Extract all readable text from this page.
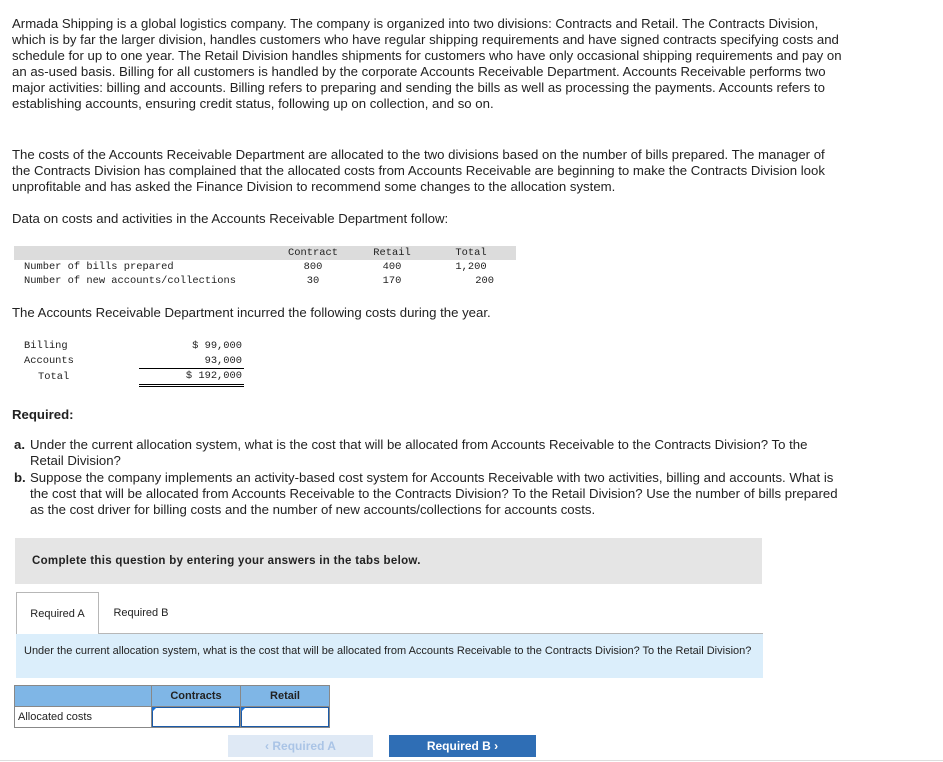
Armada Shipping is a global logistics company. The company is organized into two divisions: Contracts and Retail. The Contracts Division, which is by far the larger division, handles customers who have regular shipping requirements and have signed contracts specifying costs and schedule for up to one year. The Retail Division handles shipments for customers who have only occasional shipping requirements and pay on an as-used basis. Billing for all customers is handled by the corporate Accounts Receivable Department. Accounts Receivable performs two major activities: billing and accounts. Billing refers to preparing and sending the bills as well as processing the payments. Accounts refers to establishing accounts, ensuring credit status, following up on collection, and so on.

The costs of the Accounts Receivable Department are allocated to the two divisions based on the number of bills prepared. The manager of the Contracts Division has complained that the allocated costs from Accounts Receivable are beginning to make the Contracts Division look unprofitable and has asked the Finance Division to recommend some changes to the allocation system.

Data on costs and activities in the Accounts Receivable Department follow:

	Contract	Retail	Total
Number of bills prepared	800	400	1,200
Number of new accounts/collections	30	170	200

The Accounts Receivable Department incurred the following costs during the year.

Billing	$ 99,000
Accounts	93,000
Total	$ 192,000

Required:

a. Under the current allocation system, what is the cost that will be allocated from Accounts Receivable to the Contracts Division? To the Retail Division?
b. Suppose the company implements an activity-based cost system for Accounts Receivable with two activities, billing and accounts. What is the cost that will be allocated from Accounts Receivable to the Contracts Division? To the Retail Division? Use the number of bills prepared as the cost driver for billing costs and the number of new accounts/collections for accounts costs.
Complete this question by entering your answers in the tabs below.
Required A	Required B
Under the current allocation system, what is the cost that will be allocated from Accounts Receivable to the Contracts Division? To the Retail Division?
	Contracts	Retail
Allocated costs	

‹ Required A	Required B ›
